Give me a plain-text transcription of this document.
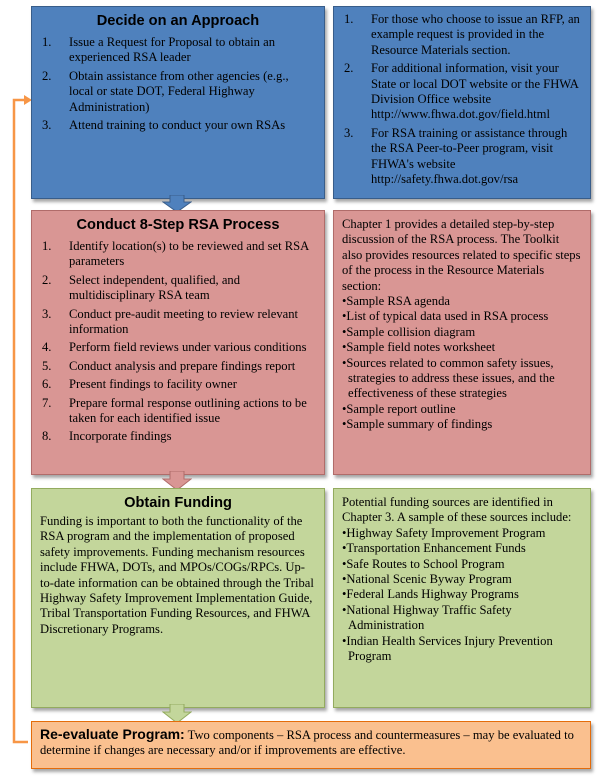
Decide on an Approach
1. Issue a Request for Proposal to obtain an experienced RSA leader
2. Obtain assistance from other agencies (e.g., local or state DOT, Federal Highway Administration)
3. Attend training to conduct your own RSAs
1. For those who choose to issue an RFP, an example request is provided in the Resource Materials section.
2. For additional information, visit your State or local DOT website or the FHWA Division Office website http://www.fhwa.dot.gov/field.html
3. For RSA training or assistance through the RSA Peer-to-Peer program, visit FHWA's website http://safety.fhwa.dot.gov/rsa
Conduct 8-Step RSA Process
1. Identify location(s) to be reviewed and set RSA parameters
2. Select independent, qualified, and multidisciplinary RSA team
3. Conduct pre-audit meeting to review relevant information
4. Perform field reviews under various conditions
5. Conduct analysis and prepare findings report
6. Present findings to facility owner
7. Prepare formal response outlining actions to be taken for each identified issue
8. Incorporate findings

Chapter 1 provides a detailed step-by-step discussion of the RSA process. The Toolkit also provides resources related to specific steps of the process in the Resource Materials section:

• Sample RSA agenda
• List of typical data used in RSA process
• Sample collision diagram
• Sample field notes worksheet
• Sources related to common safety issues, strategies to address these issues, and the effectiveness of these strategies
• Sample report outline
• Sample summary of findings
Obtain Funding

Funding is important to both the functionality of the RSA program and the implementation of proposed safety improvements. Funding mechanism resources include FHWA, DOTs, and MPOs/COGs/RPCs. Up-to-date information can be obtained through the Tribal Highway Safety Improvement Implementation Guide, Tribal Transportation Funding Resources, and FHWA Discretionary Programs.

Potential funding sources are identified in Chapter 3. A sample of these sources include:

• Highway Safety Improvement Program
• Transportation Enhancement Funds
• Safe Routes to School Program
• National Scenic Byway Program
• Federal Lands Highway Programs
• National Highway Traffic Safety Administration
• Indian Health Services Injury Prevention Program

Re-evaluate Program: Two components – RSA process and countermeasures – may be evaluated to determine if changes are necessary and/or if improvements are effective.
